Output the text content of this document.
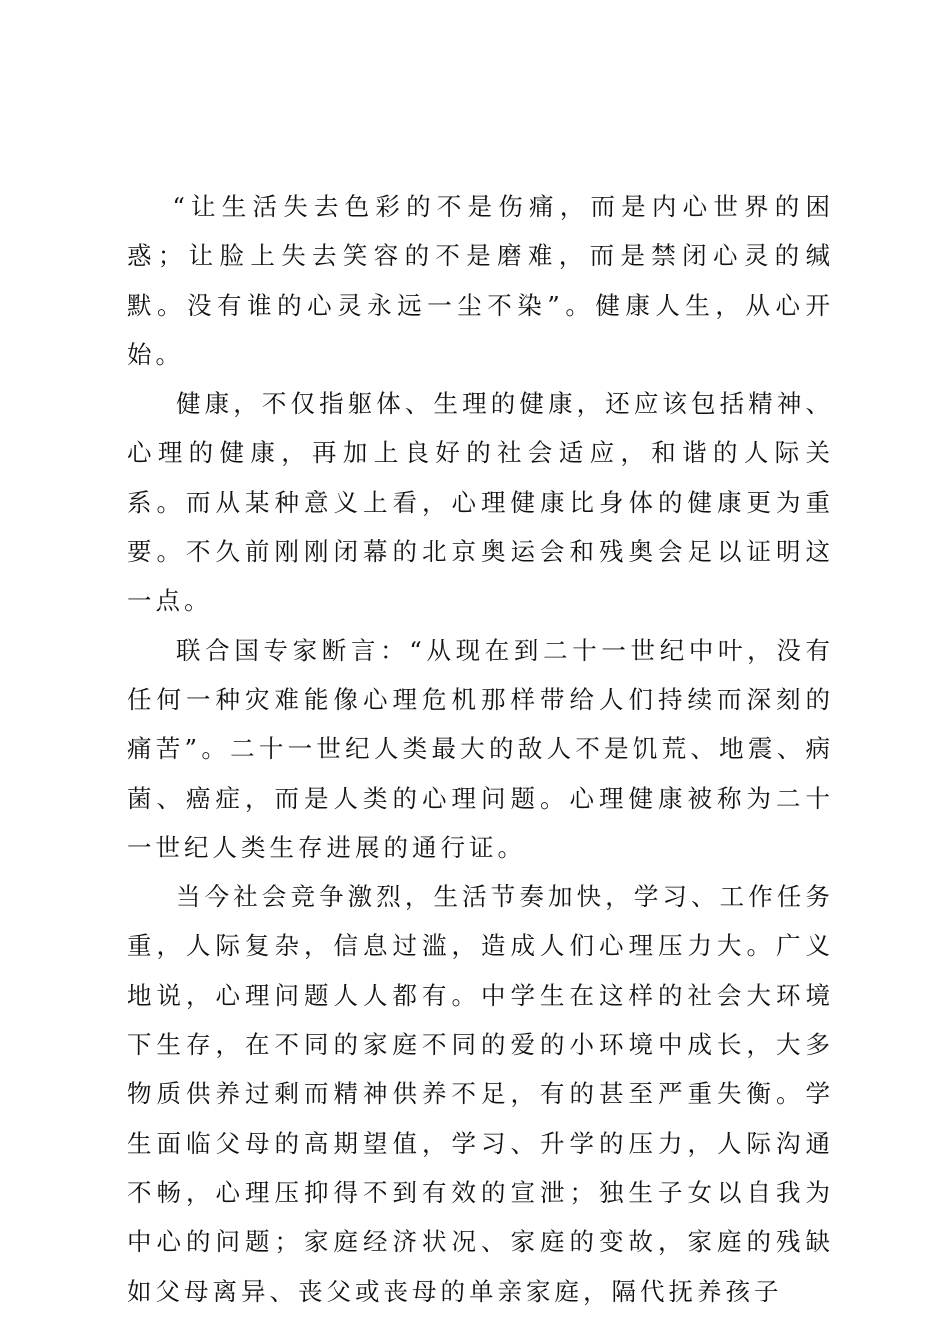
“让生活失去色彩的不是伤痛，而是内心世界的困惑；让脸上失去笑容的不是磨难，而是禁闭心灵的缄默。没有谁的心灵永远一尘不染”。健康人生，从心开始。

健康，不仅指躯体、生理的健康，还应该包括精神、心理的健康，再加上良好的社会适应，和谐的人际关系。而从某种意义上看，心理健康比身体的健康更为重要。不久前刚刚闭幕的北京奥运会和残奥会足以证明这一点。

联合国专家断言：“从现在到二十一世纪中叶，没有任何一种灾难能像心理危机那样带给人们持续而深刻的痛苦”。二十一世纪人类最大的敌人不是饥荒、地震、病菌、癌症，而是人类的心理问题。心理健康被称为二十一世纪人类生存进展的通行证。

当今社会竞争激烈，生活节奏加快，学习、工作任务重，人际复杂，信息过滥，造成人们心理压力大。广义地说，心理问题人人都有。中学生在这样的社会大环境下生存，在不同的家庭不同的爱的小环境中成长，大多物质供养过剩而精神供养不足，有的甚至严重失衡。学生面临父母的高期望值，学习、升学的压力，人际沟通不畅，心理压抑得不到有效的宣泄；独生子女以自我为中心的问题；家庭经济状况、家庭的变故，家庭的残缺如父母离异、丧父或丧母的单亲家庭，隔代抚养孩子
